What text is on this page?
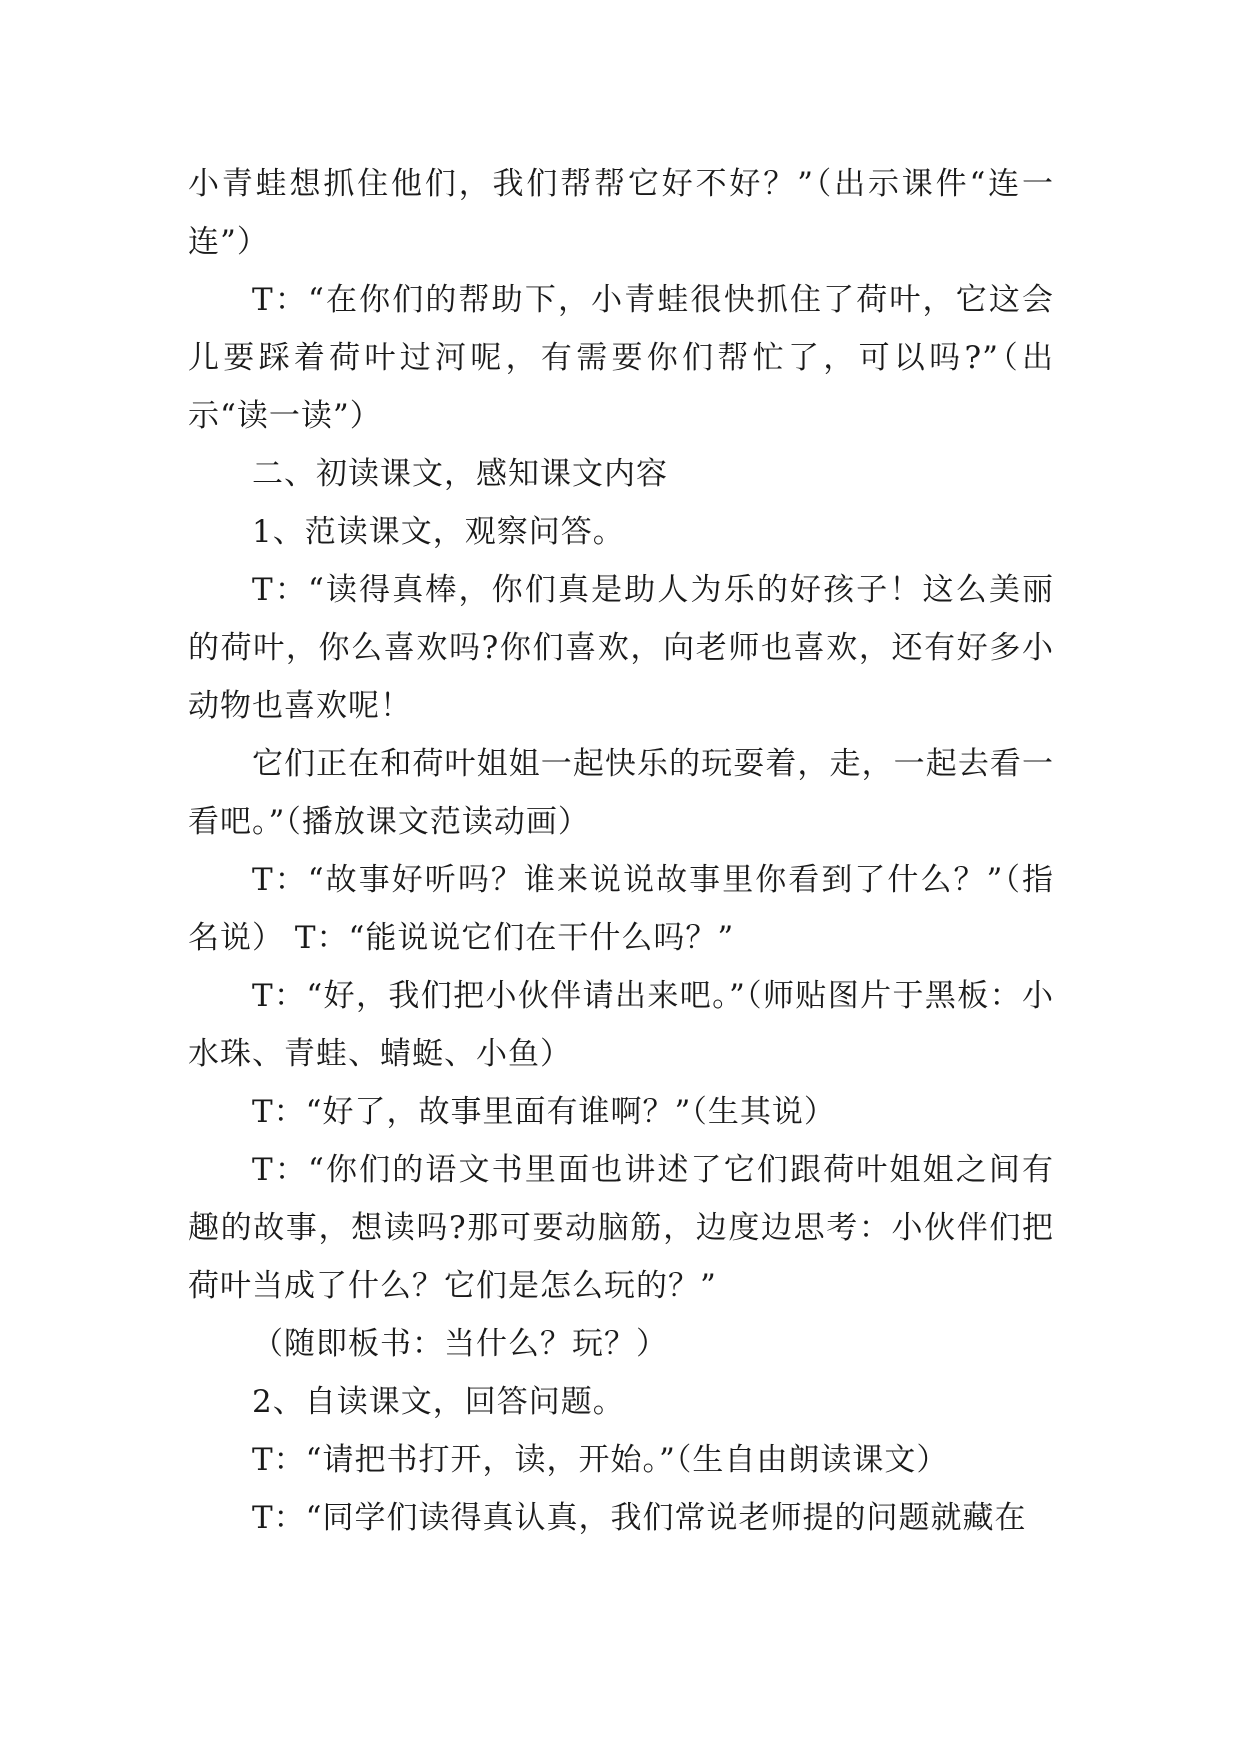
小青蛙想抓住他们，我们帮帮它好不好？”（出示课件“连一连”）

T：“在你们的帮助下，小青蛙很快抓住了荷叶，它这会儿要踩着荷叶过河呢，有需要你们帮忙了，可以吗?”（出示“读一读”）

二、初读课文，感知课文内容

1、范读课文，观察问答。

T：“读得真棒，你们真是助人为乐的好孩子！这么美丽的荷叶，你么喜欢吗?你们喜欢，向老师也喜欢，还有好多小动物也喜欢呢！

它们正在和荷叶姐姐一起快乐的玩耍着，走，一起去看一看吧。”（播放课文范读动画）

T：“故事好听吗？谁来说说故事里你看到了什么？”（指名说） T：“能说说它们在干什么吗？”

T：“好，我们把小伙伴请出来吧。”（师贴图片于黑板：小水珠、青蛙、蜻蜓、小鱼）

T：“好了，故事里面有谁啊？”（生其说）

T：“你们的语文书里面也讲述了它们跟荷叶姐姐之间有趣的故事，想读吗?那可要动脑筋，边度边思考：小伙伴们把荷叶当成了什么？它们是怎么玩的？”

（随即板书：当什么？玩？）

2、自读课文，回答问题。

T：“请把书打开，读，开始。”（生自由朗读课文）

T：“同学们读得真认真，我们常说老师提的问题就藏在
